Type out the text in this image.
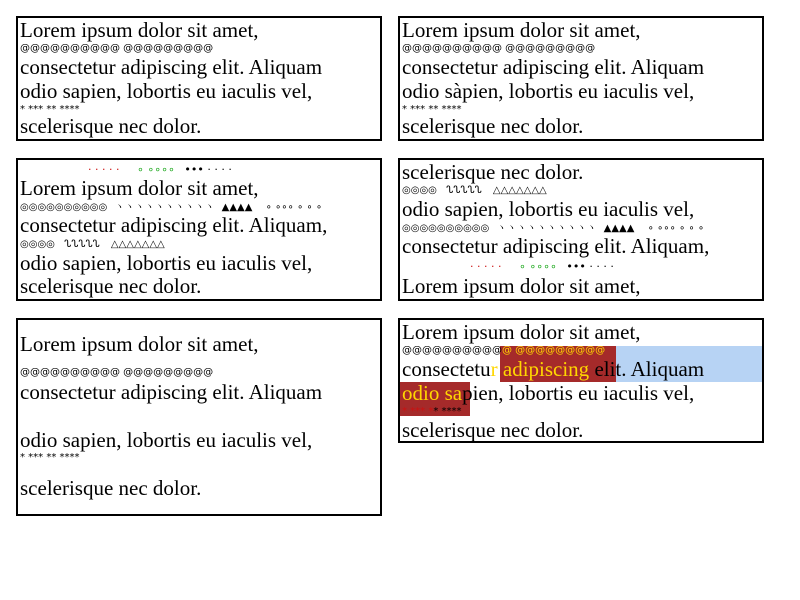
Lorem ipsum dolor sit amet,
@@@@@@@@@@ @@@@@@@@@
consectetur adipiscing elit. Aliquam
odio sapien, lobortis eu iaculis vel,
* *** ** ****
scelerisque nec dolor.
Lorem ipsum dolor sit amet,
@@@@@@@@@@ @@@@@@@@@
consectetur adipiscing elit. Aliquam
odio sàpien, lobortis eu iaculis vel,
* *** ** ****
scelerisque nec dolor.
· · · · · ∘ ∘∘∘∘ ••• · · · ·
Lorem ipsum dolor sit amet,
◎◎◎◎◎◎◎◎◎◎ ヽヽヽヽヽヽヽヽヽヽ ▲▲▲▲ ∘ ∘∘∘ ∘ ∘ ∘
consectetur adipiscing elit. Aliquam,
◎◎◎◎ ᔐᔐᔐᔐᔐ △△△△△△△
odio sapien, lobortis eu iaculis vel,
scelerisque nec dolor.
scelerisque nec dolor.
◎◎◎◎ ᔐᔐᔐᔐᔐ △△△△△△△
odio sapien, lobortis eu iaculis vel,
◎◎◎◎◎◎◎◎◎◎ ヽヽヽヽヽヽヽヽヽヽ ▲▲▲▲ ∘ ∘∘∘ ∘ ∘ ∘
consectetur adipiscing elit. Aliquam,
· · · · · ∘ ∘∘∘∘ ••• · · · ·
Lorem ipsum dolor sit amet,
Lorem ipsum dolor sit amet,
@@@@@@@@@@ @@@@@@@@@
consectetur adipiscing elit. Aliquam
odio sapien, lobortis eu iaculis vel,
* *** ** ****
scelerisque nec dolor.
Lorem ipsum dolor sit amet,
@@@@@@@@@@@ @@@@@@@@@
consectetur adipiscing elit. Aliquam
odio sapien, lobortis eu iaculis vel,
* *** ** ****
scelerisque nec dolor.
